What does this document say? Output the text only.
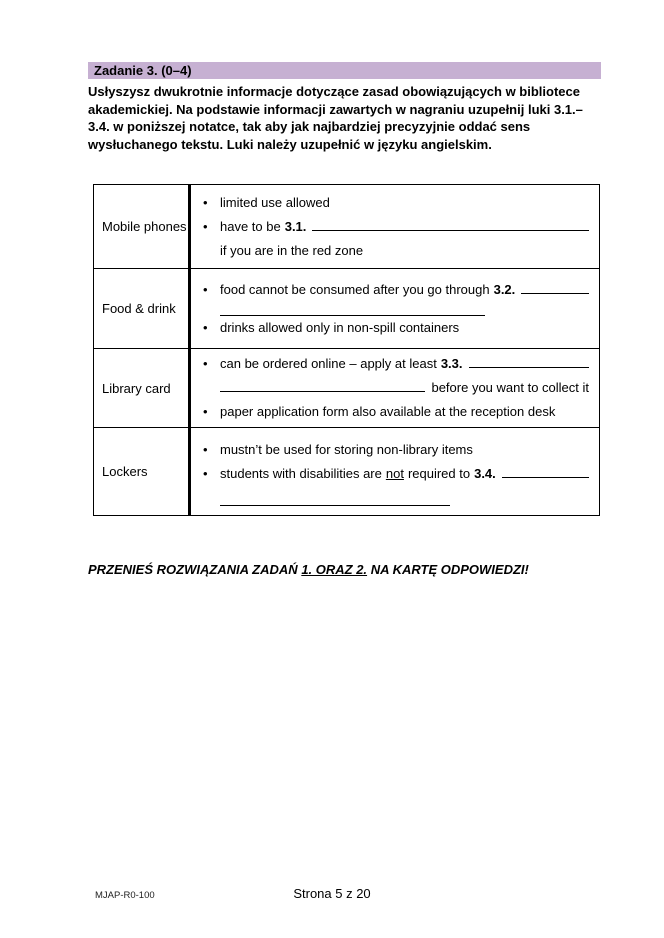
Zadanie 3. (0–4)

Usłyszysz dwukrotnie informacje dotyczące zasad obowiązujących w bibliotece akademickiej. Na podstawie informacji zawartych w nagraniu uzupełnij luki 3.1.–3.4. w poniższej notatce, tak aby jak najbardziej precyzyjnie oddać sens wysłuchanego tekstu. Luki należy uzupełnić w języku angielskim.

Mobile phones
• limited use allowed
• have to be 3.1.
if you are in the red zone
Food & drink
• food cannot be consumed after you go through 3.2.
• drinks allowed only in non-spill containers
Library card
• can be ordered online – apply at least 3.3.
before you want to collect it
• paper application form also available at the reception desk
Lockers
• mustn’t be used for storing non-library items
• students with disabilities are not required to 3.4.

PRZENIEŚ ROZWIĄZANIA ZADAŃ 1. ORAZ 2. NA KARTĘ ODPOWIEDZI!

MJAP-R0-100	Strona 5 z 20
